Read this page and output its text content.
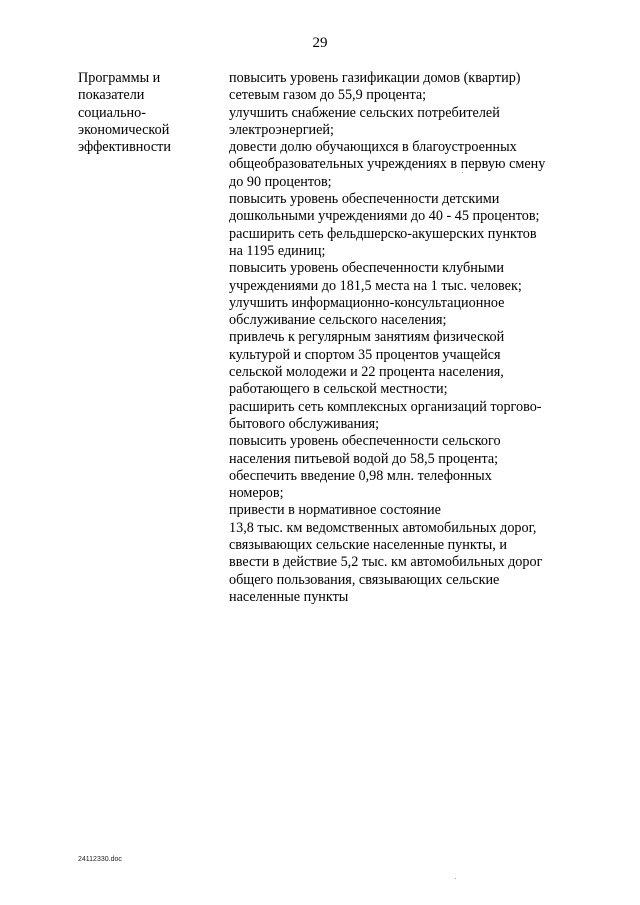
29
Программы и
показатели
социально-
экономической
эффективности
повысить уровень газификации домов (квартир)
сетевым газом до 55,9 процента;
улучшить снабжение сельских потребителей
электроэнергией;
довести долю обучающихся в благоустроенных
общеобразовательных учреждениях в первую смену
до 90 процентов;
повысить уровень обеспеченности детскими
дошкольными учреждениями до 40 - 45 процентов;
расширить сеть фельдшерско-акушерских пунктов
на 1195 единиц;
повысить уровень обеспеченности клубными
учреждениями до 181,5 места на 1 тыс. человек;
улучшить информационно-консультационное
обслуживание сельского населения;
привлечь к регулярным занятиям физической
культурой и спортом 35 процентов учащейся
сельской молодежи и 22 процента населения,
работающего в сельской местности;
расширить сеть комплексных организаций торгово-
бытового обслуживания;
повысить уровень обеспеченности сельского
населения питьевой водой до 58,5 процента;
обеспечить введение 0,98 млн. телефонных
номеров;
привести в нормативное состояние
13,8 тыс. км ведомственных автомобильных дорог,
связывающих сельские населенные пункты, и
ввести в действие 5,2 тыс. км автомобильных дорог
общего пользования, связывающих сельские
населенные пункты
24112330.doc
